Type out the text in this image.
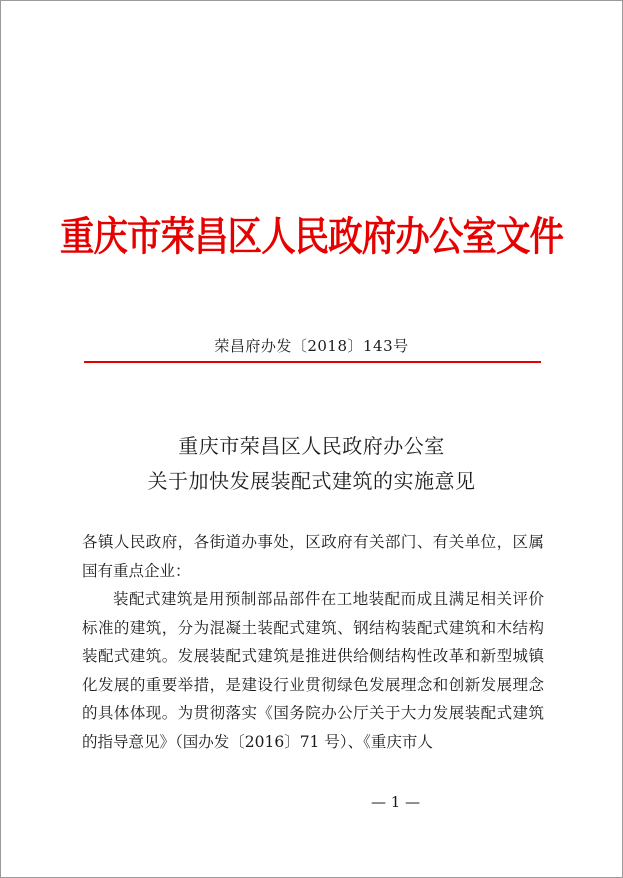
重庆市荣昌区人民政府办公室文件
荣昌府办发〔2018〕143号
重庆市荣昌区人民政府办公室
关于加快发展装配式建筑的实施意见

各镇人民政府，各街道办事处，区政府有关部门、有关单位，区属国有重点企业：

装配式建筑是用预制部品部件在工地装配而成且满足相关评价标准的建筑，分为混凝土装配式建筑、钢结构装配式建筑和木结构装配式建筑。发展装配式建筑是推进供给侧结构性改革和新型城镇化发展的重要举措，是建设行业贯彻绿色发展理念和创新发展理念的具体体现。为贯彻落实《国务院办公厅关于大力发展装配式建筑的指导意见》（国办发〔2016〕71 号）、《重庆市人

— 1 —
